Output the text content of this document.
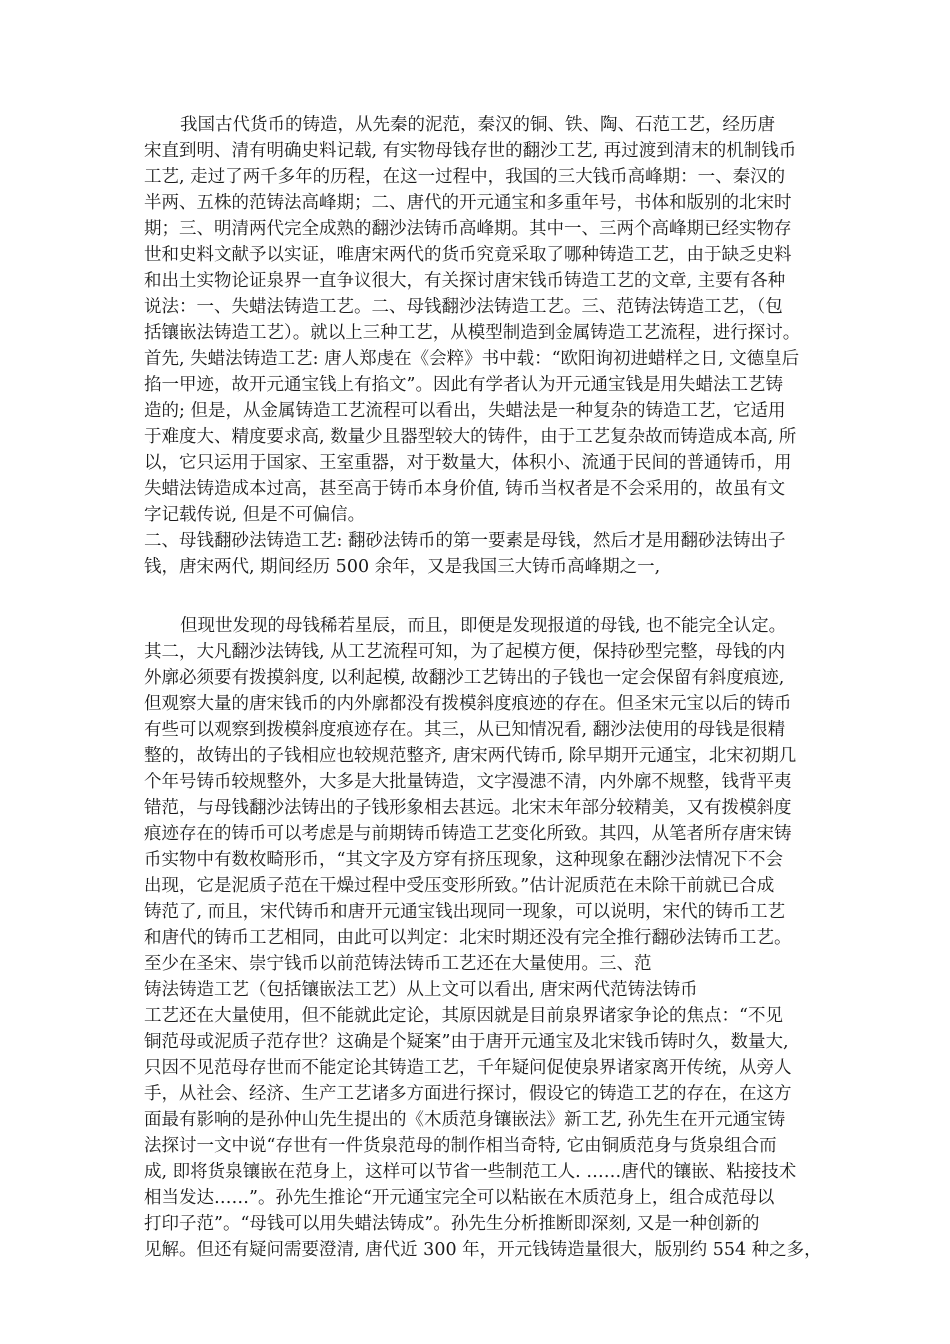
我国古代货币的铸造，从先秦的泥范，秦汉的铜、铁、陶、石范工艺，经历唐
宋直到明、清有明确史料记载, 有实物母钱存世的翻沙工艺, 再过渡到清末的机制钱币
工艺, 走过了两千多年的历程，在这一过程中，我国的三大钱币高峰期：一、秦汉的
半两、五株的范铸法高峰期；二、唐代的开元通宝和多重年号，书体和版别的北宋时
期；三、明清两代完全成熟的翻沙法铸币高峰期。其中一、三两个高峰期已经实物存
世和史料文献予以实证，唯唐宋两代的货币究竟采取了哪种铸造工艺，由于缺乏史料
和出土实物论证泉界一直争议很大，有关探讨唐宋钱币铸造工艺的文章, 主要有各种
说法：一、失蜡法铸造工艺。二、母钱翻沙法铸造工艺。三、范铸法铸造工艺，（包
括镶嵌法铸造工艺）。就以上三种工艺，从模型制造到金属铸造工艺流程，进行探讨。
首先, 失蜡法铸造工艺: 唐人郑虔在《会粹》书中载：“欧阳询初进蜡样之日, 文德皇后
掐一甲迹，故开元通宝钱上有掐文”。因此有学者认为开元通宝钱是用失蜡法工艺铸
造的; 但是，从金属铸造工艺流程可以看出，失蜡法是一种复杂的铸造工艺，它适用
于难度大、精度要求高, 数量少且器型较大的铸件，由于工艺复杂故而铸造成本高, 所
以，它只运用于国家、王室重器，对于数量大，体积小、流通于民间的普通铸币，用
失蜡法铸造成本过高，甚至高于铸币本身价值, 铸币当权者是不会采用的，故虽有文
字记载传说, 但是不可偏信。
二、母钱翻砂法铸造工艺: 翻砂法铸币的第一要素是母钱，然后才是用翻砂法铸出子
钱，唐宋两代, 期间经历 500 余年，又是我国三大铸币高峰期之一,
但现世发现的母钱稀若星辰，而且，即便是发现报道的母钱, 也不能完全认定。
其二，大凡翻沙法铸钱, 从工艺流程可知，为了起模方便，保持砂型完整，母钱的内
外廓必须要有拨摸斜度, 以利起模, 故翻沙工艺铸出的子钱也一定会保留有斜度痕迹,
但观察大量的唐宋钱币的内外廓都没有拨模斜度痕迹的存在。但圣宋元宝以后的铸币
有些可以观察到拨模斜度痕迹存在。其三，从已知情况看, 翻沙法使用的母钱是很精
整的，故铸出的子钱相应也较规范整齐, 唐宋两代铸币, 除早期开元通宝，北宋初期几
个年号铸币较规整外，大多是大批量铸造，文字漫漶不清，内外廓不规整，钱背平夷
错范，与母钱翻沙法铸出的子钱形象相去甚远。北宋末年部分较精美，又有拨模斜度
痕迹存在的铸币可以考虑是与前期铸币铸造工艺变化所致。其四，从笔者所存唐宋铸
币实物中有数枚畸形币，“其文字及方穿有挤压现象，这种现象在翻沙法情况下不会
出现，它是泥质子范在干燥过程中受压变形所致。”估计泥质范在未除干前就已合成
铸范了, 而且，宋代铸币和唐开元通宝钱出现同一现象，可以说明，宋代的铸币工艺
和唐代的铸币工艺相同，由此可以判定：北宋时期还没有完全推行翻砂法铸币工艺。
至少在圣宋、崇宁钱币以前范铸法铸币工艺还在大量使用。三、范
铸法铸造工艺（包括镶嵌法工艺）从上文可以看出, 唐宋两代范铸法铸币
工艺还在大量使用，但不能就此定论，其原因就是目前泉界诸家争论的焦点：“不见
铜范母或泥质子范存世？这确是个疑案”由于唐开元通宝及北宋钱币铸时久，数量大,
只因不见范母存世而不能定论其铸造工艺，千年疑问促使泉界诸家离开传统，从旁人
手，从社会、经济、生产工艺诸多方面进行探讨，假设它的铸造工艺的存在，在这方
面最有影响的是孙仲山先生提出的《木质范身镶嵌法》新工艺, 孙先生在开元通宝铸
法探讨一文中说“存世有一件货泉范母的制作相当奇特, 它由铜质范身与货泉组合而
成, 即将货泉镶嵌在范身上，这样可以节省一些制范工人. ……唐代的镶嵌、粘接技术
相当发达……”。孙先生推论“开元通宝完全可以粘嵌在木质范身上，组合成范母以
打印子范”。“母钱可以用失蜡法铸成”。孙先生分析推断即深刻, 又是一种创新的
见解。但还有疑问需要澄清, 唐代近 300 年，开元钱铸造量很大，版别约 554 种之多，
